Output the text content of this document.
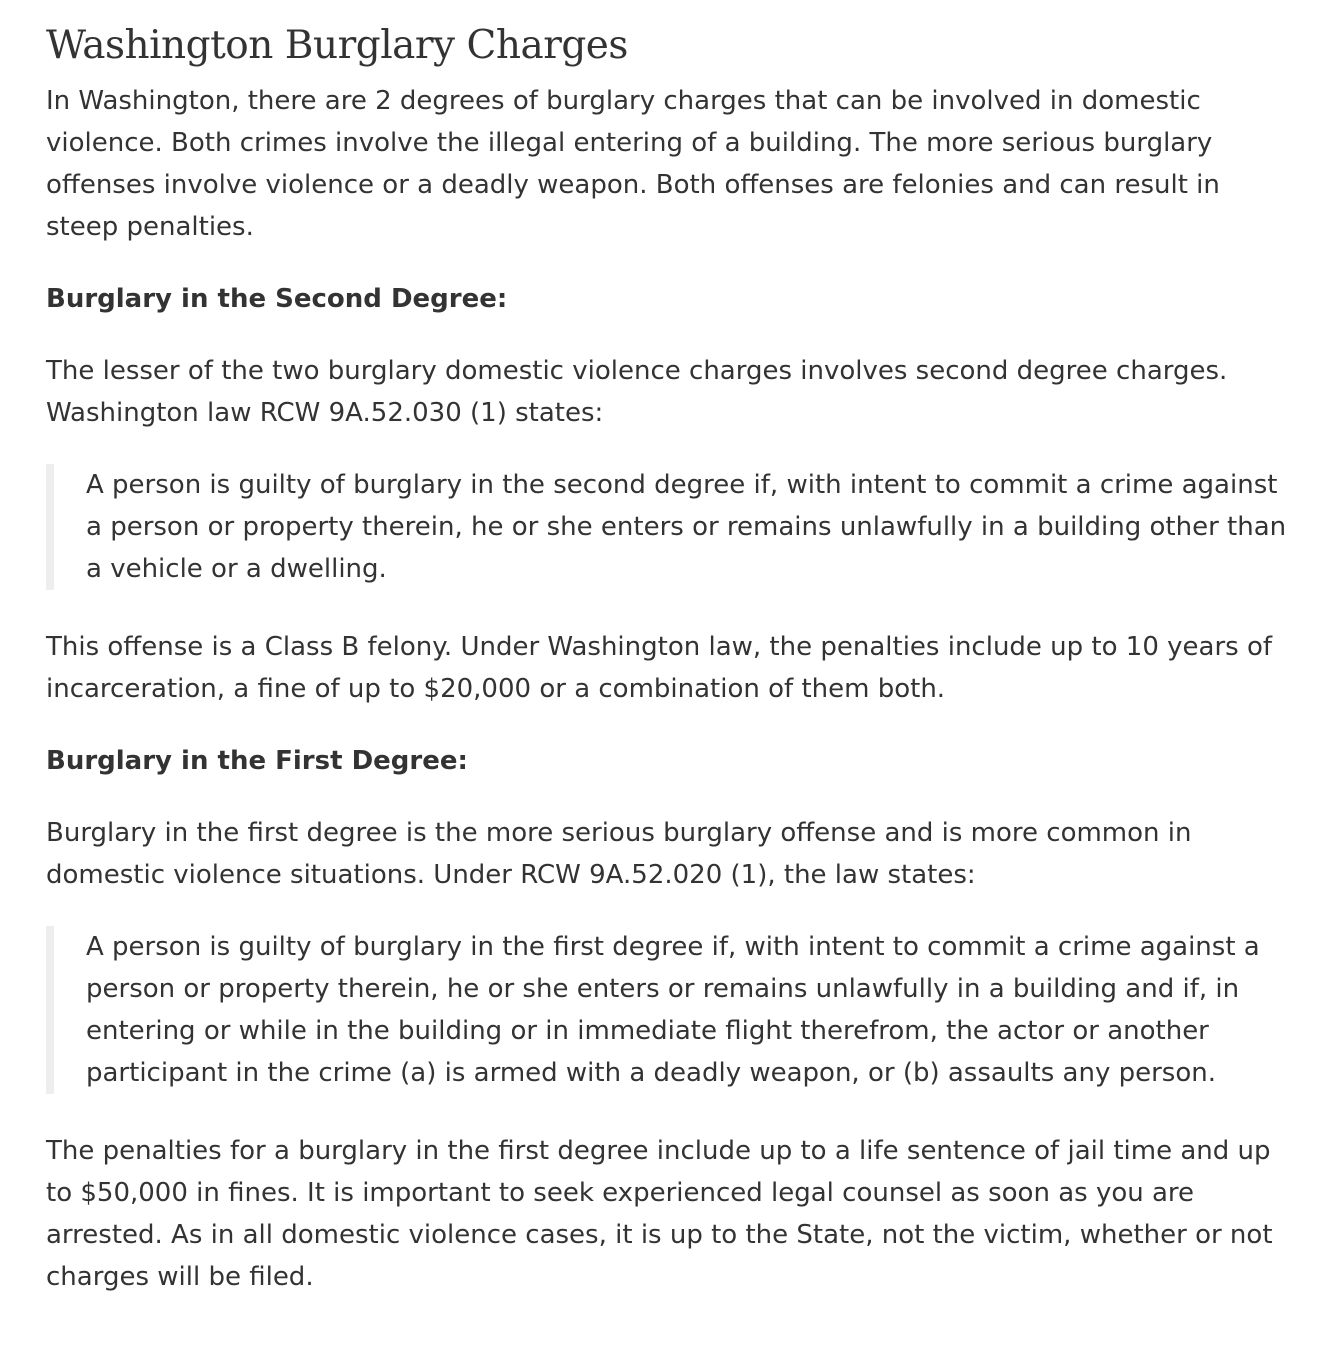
Washington Burglary Charges

In Washington, there are 2 degrees of burglary charges that can be involved in domestic violence. Both crimes involve the illegal entering of a building. The more serious burglary offenses involve violence or a deadly weapon. Both offenses are felonies and can result in steep penalties.

Burglary in the Second Degree:

The lesser of the two burglary domestic violence charges involves second degree charges. Washington law RCW 9A.52.030 (1) states:

A person is guilty of burglary in the second degree if, with intent to commit a crime against a person or property therein, he or she enters or remains unlawfully in a building other than a vehicle or a dwelling.

This offense is a Class B felony. Under Washington law, the penalties include up to 10 years of incarceration, a fine of up to $20,000 or a combination of them both.

Burglary in the First Degree:

Burglary in the first degree is the more serious burglary offense and is more common in domestic violence situations. Under RCW 9A.52.020 (1), the law states:

A person is guilty of burglary in the first degree if, with intent to commit a crime against a person or property therein, he or she enters or remains unlawfully in a building and if, in entering or while in the building or in immediate flight therefrom, the actor or another participant in the crime (a) is armed with a deadly weapon, or (b) assaults any person.

The penalties for a burglary in the first degree include up to a life sentence of jail time and up to $50,000 in fines. It is important to seek experienced legal counsel as soon as you are arrested. As in all domestic violence cases, it is up to the State, not the victim, whether or not charges will be filed.
